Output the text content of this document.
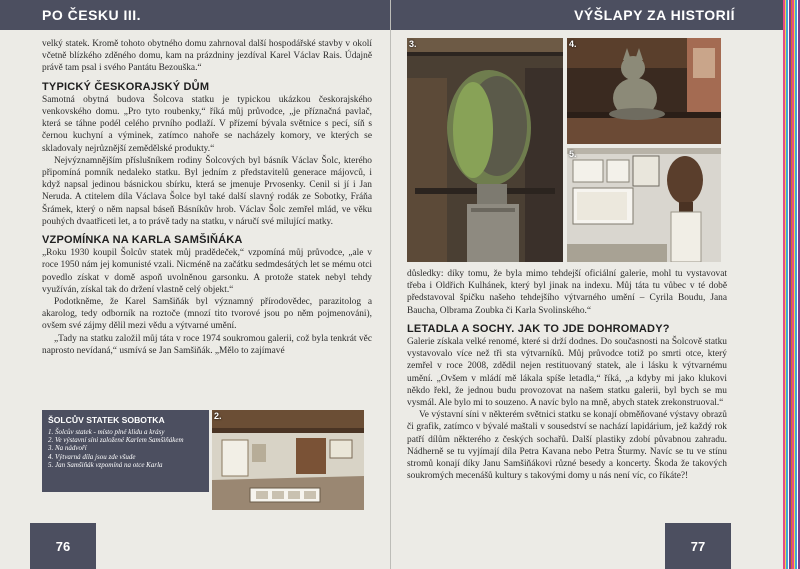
PO ČESKU III.

velký statek. Kromě tohoto obytného domu zahrnoval další hospodářské stavby v okolí včetně blízkého zděného domu, kam na prázdniny jezdíval Karel Václav Rais. Údajně právě tam psal i svého Pantátu Bezouška.“

TYPICKÝ ČESKORAJSKÝ DŮM

Samotná obytná budova Šolcova statku je typickou ukázkou českorajského venkovského domu. „Pro tyto roubenky,“ říká můj průvodce, „je příznačná pavlač, která se táhne podél celého prvního podlaží. V přízemí bývala světnice s pecí, síň s černou kuchyní a výminek, zatímco nahoře se nacházely komory, ve kterých se skladovaly nejrůznější zemědělské produkty.“

Nejvýznamnějším příslušníkem rodiny Šolcových byl básník Václav Šolc, kterého připomíná pomník nedaleko statku. Byl jedním z představitelů generace májovců, i když napsal jedinou básnickou sbírku, která se jmenuje Prvosenky. Cenil si jí i Jan Neruda. A ctitelem díla Václava Šolce byl také další slavný rodák ze Sobotky, Fráňa Šrámek, který o něm napsal báseň Básníkův hrob. Václav Šolc zemřel mlád, ve věku pouhých dvaatřiceti let, a to právě tady na statku, v náručí své milující matky.

VZPOMÍNKA NA KARLA SAMŠIŇÁKA

„Roku 1930 koupil Šolcův statek můj pradědeček,“ vzpomíná můj průvodce, „ale v roce 1950 nám jej komunisté vzali. Nicméně na začátku sedmdesátých let se mému otci povedlo získat v domě aspoň uvolněnou garsonku. A protože statek nebyl tehdy využíván, získal tak do držení vlastně celý objekt.“

Podotkněme, že Karel Samšiňák byl významný přírodovědec, parazitolog a akarolog, tedy odborník na roztoče (mnozí tito tvorové jsou po něm pojmenováni), ovšem své zájmy dělil mezi vědu a výtvarné umění.

„Tady na statku založil můj táta v roce 1974 soukromou galerii, což byla tenkrát věc naprosto nevídaná,“ usmívá se Jan Samšiňák. „Mělo to zajímavé

ŠOLCŮV STATEK SOBOTKA
1. Šolcův statek - místo plné klidu a krásy
2. Ve výstavní síni založené Karlem Samšiňákem
3. Na nádvoří
4. Výtvarná díla jsou zde všude
5. Jan Samšiňák vzpomíná na otce Karla
2.
76
VÝŠLAPY ZA HISTORIÍ
3.	4.
5.

důsledky: díky tomu, že byla mimo tehdejší oficiální galerie, mohl tu vystavovat třeba i Oldřich Kulhánek, který byl jinak na indexu. Můj táta tu vůbec v té době představoval špičku našeho tehdejšího výtvarného umění – Cyrila Boudu, Jana Baucha, Olbrama Zoubka či Karla Svolinského.“

LETADLA A SOCHY. JAK TO JDE DOHROMADY?

Galerie získala velké renomé, které si drží dodnes. Do současnosti na Šolcově statku vystavovalo více než tři sta výtvarníků. Můj průvodce totiž po smrti otce, který zemřel v roce 2008, zdědil nejen restituovaný statek, ale i lásku k výtvarnému umění. „Ovšem v mládí mě lákala spíše letadla,“ říká, „a kdyby mi jako klukovi někdo řekl, že jednou budu provozovat na našem statku galerii, byl bych se mu vysmál. Ale bylo mi to souzeno. A navíc bylo na mně, abych statek zrekonstruoval.“

Ve výstavní síni v některém světnici statku se konají obměňované výstavy obrazů či grafik, zatímco v bývalé maštali v sousedství se nachází lapidárium, jež každý rok patří dílům některého z českých sochařů. Další plastiky zdobí půvabnou zahradu. Nádherně se tu vyjímají díla Petra Kavana nebo Petra Šturmy. Navíc se tu ve stínu stromů konají díky Janu Samšiňákovi různé besedy a koncerty. Škoda že takových soukromých mecenášů kultury s takovými domy u nás není víc, co říkáte?!

77
